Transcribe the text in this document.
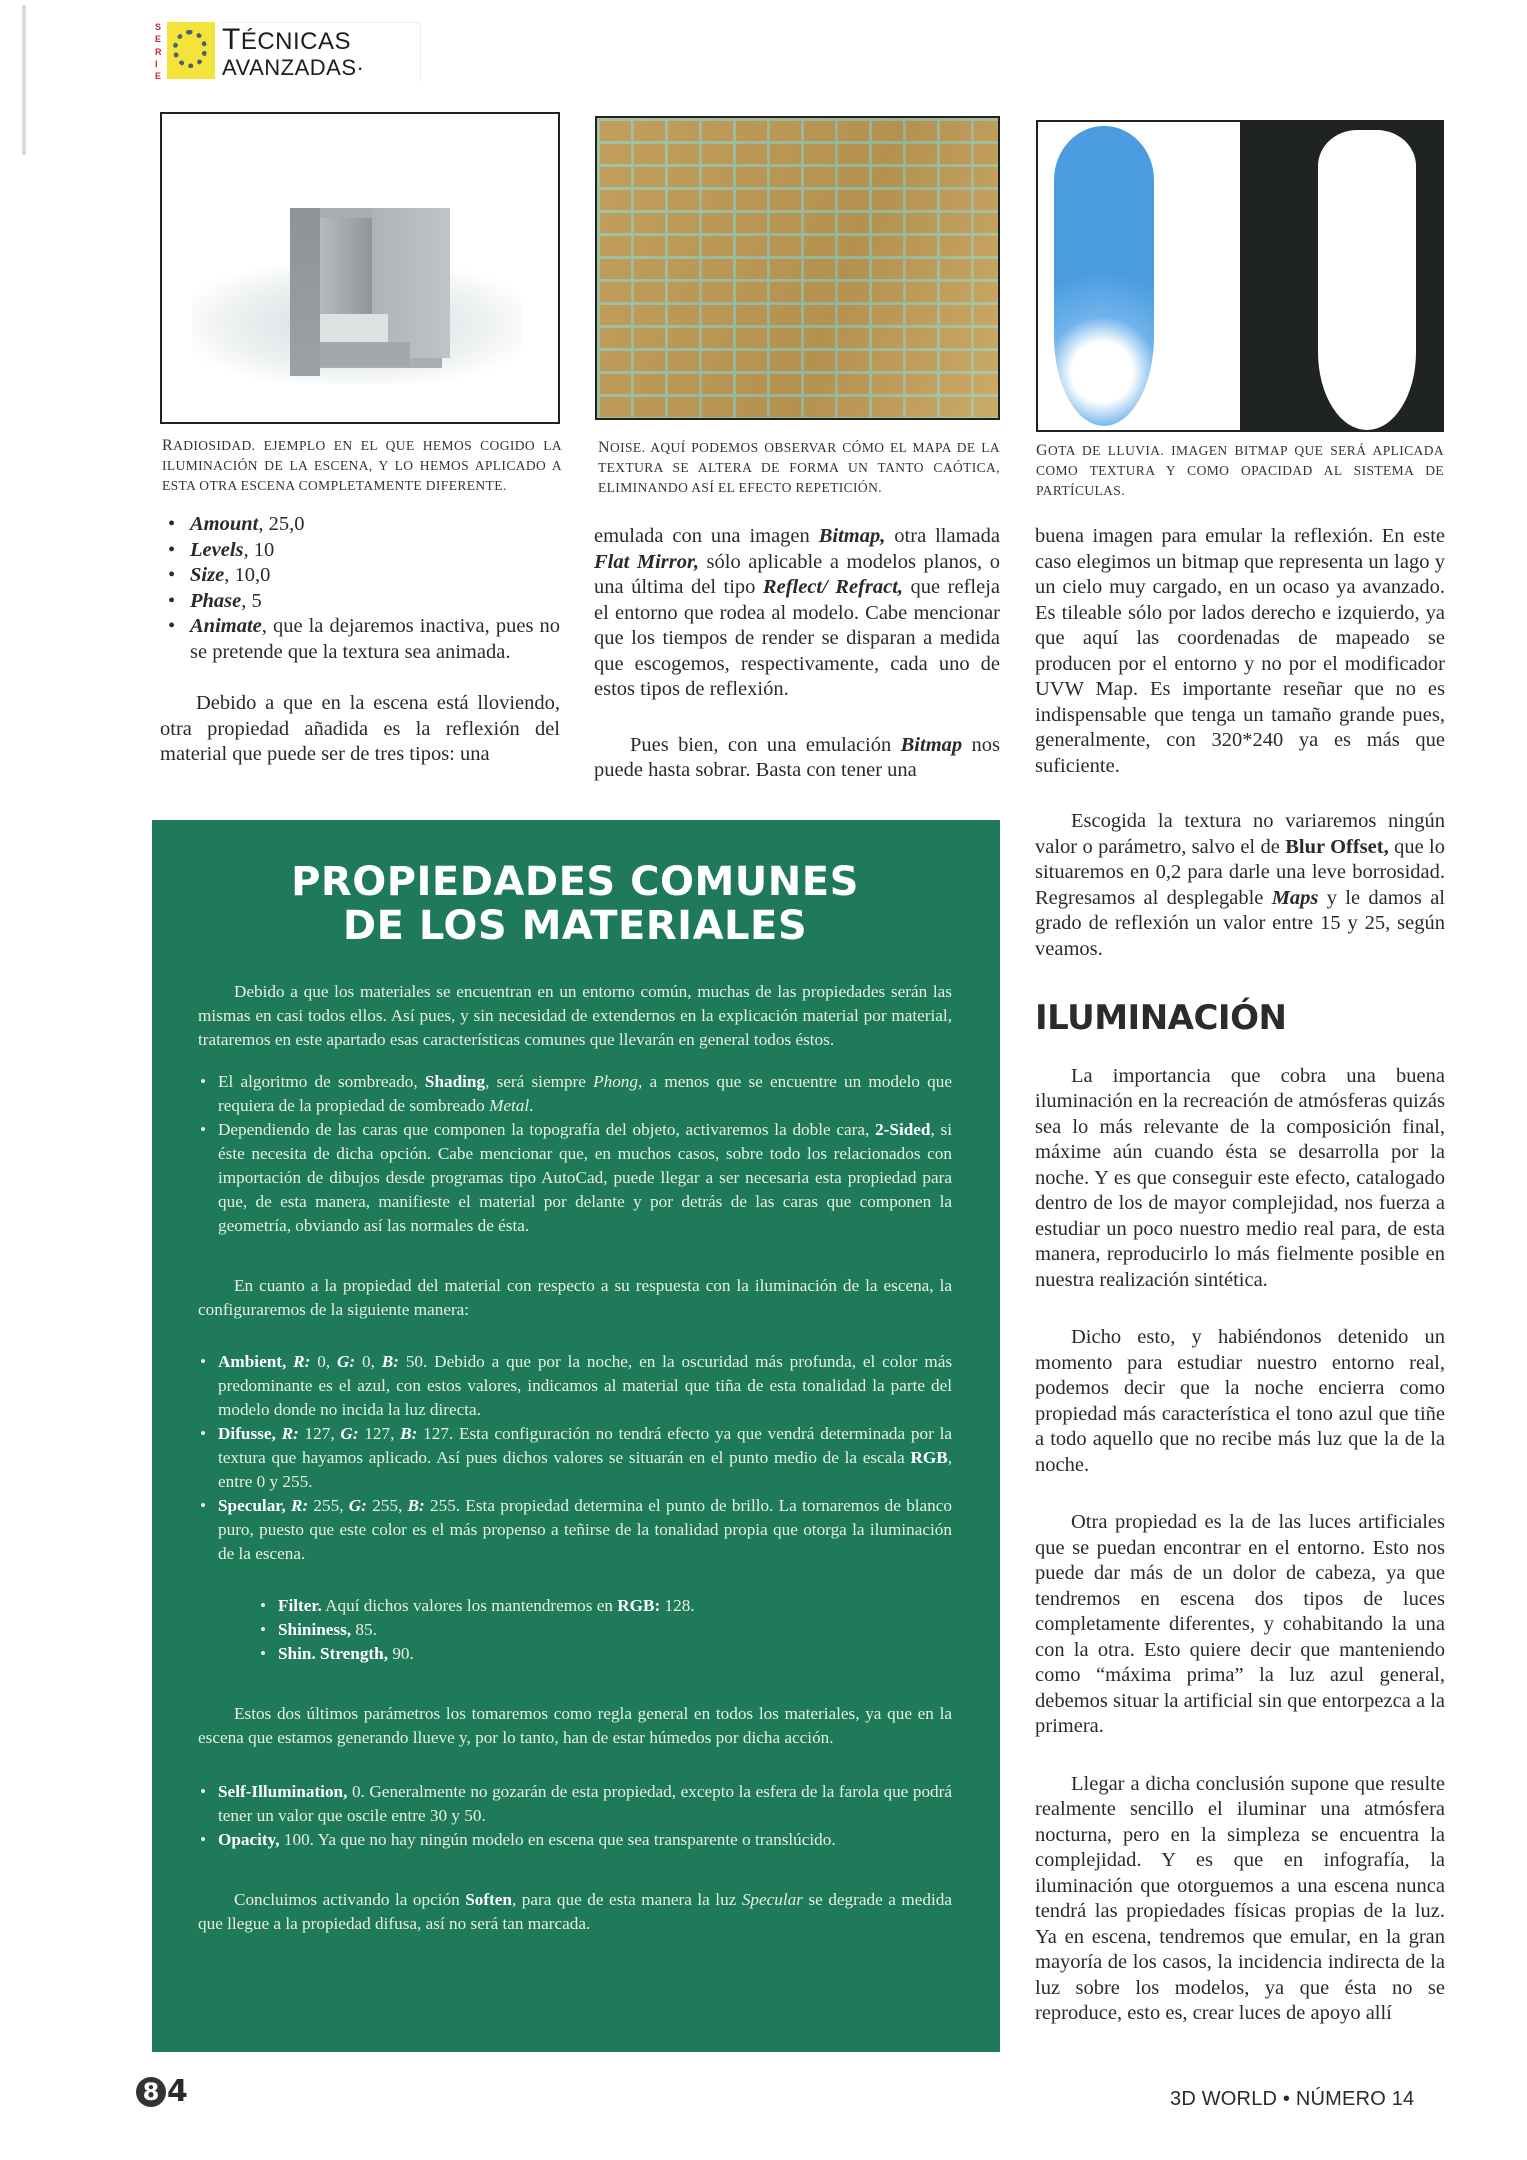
S
E
R
I
E
TÉCNICAS
AVANZADAS·
RADIOSIDAD. EJEMPLO EN EL QUE HEMOS COGIDO LA ILUMINACIÓN DE LA ESCENA, Y LO HEMOS APLICADO A ESTA OTRA ESCENA COMPLETAMENTE DIFERENTE.
NOISE. AQUÍ PODEMOS OBSERVAR CÓMO EL MAPA DE LA TEXTURA SE ALTERA DE FORMA UN TANTO CAÓTICA, ELIMINANDO ASÍ EL EFECTO REPETICIÓN.
GOTA DE LLUVIA. IMAGEN BITMAP QUE SERÁ APLICADA COMO TEXTURA Y COMO OPACIDAD AL SISTEMA DE PARTÍCULAS.
• Amount, 25,0
• Levels, 10
• Size, 10,0
• Phase, 5
• Animate, que la dejaremos inactiva, pues no se pretende que la textura sea animada.

Debido a que en la escena está lloviendo, otra propiedad añadida es la reflexión del material que puede ser de tres tipos: una

emulada con una imagen Bitmap, otra llamada Flat Mirror, sólo aplicable a modelos planos, o una última del tipo Reflect/ Refract, que refleja el entorno que rodea al modelo. Cabe mencionar que los tiempos de render se disparan a medida que escogemos, respectivamente, cada uno de estos tipos de reflexión.

Pues bien, con una emulación Bitmap nos puede hasta sobrar. Basta con tener una

buena imagen para emular la reflexión. En este caso elegimos un bitmap que representa un lago y un cielo muy cargado, en un ocaso ya avanzado. Es tileable sólo por lados derecho e izquierdo, ya que aquí las coordenadas de mapeado se producen por el entorno y no por el modificador UVW Map. Es importante reseñar que no es indispensable que tenga un tamaño grande pues, generalmente, con 320*240 ya es más que suficiente.

Escogida la textura no variaremos ningún valor o parámetro, salvo el de Blur Offset, que lo situaremos en 0,2 para darle una leve borrosidad. Regresamos al desplegable Maps y le damos al grado de reflexión un valor entre 15 y 25, según veamos.

ILUMINACIÓN

La importancia que cobra una buena iluminación en la recreación de atmósferas quizás sea lo más relevante de la composición final, máxime aún cuando ésta se desarrolla por la noche. Y es que conseguir este efecto, catalogado dentro de los de mayor complejidad, nos fuerza a estudiar un poco nuestro medio real para, de esta manera, reproducirlo lo más fielmente posible en nuestra realización sintética.

Dicho esto, y habiéndonos detenido un momento para estudiar nuestro entorno real, podemos decir que la noche encierra como propiedad más característica el tono azul que tiñe a todo aquello que no recibe más luz que la de la noche.

Otra propiedad es la de las luces artificiales que se puedan encontrar en el entorno. Esto nos puede dar más de un dolor de cabeza, ya que tendremos en escena dos tipos de luces completamente diferentes, y cohabitando la una con la otra. Esto quiere decir que manteniendo como “máxima prima” la luz azul general, debemos situar la artificial sin que entorpezca a la primera.

Llegar a dicha conclusión supone que resulte realmente sencillo el iluminar una atmósfera nocturna, pero en la simpleza se encuentra la complejidad. Y es que en infografía, la iluminación que otorguemos a una escena nunca tendrá las propiedades físicas propias de la luz. Ya en escena, tendremos que emular, en la gran mayoría de los casos, la incidencia indirecta de la luz sobre los modelos, ya que ésta no se reproduce, esto es, crear luces de apoyo allí

PROPIEDADES COMUNES
DE LOS MATERIALES

Debido a que los materiales se encuentran en un entorno común, muchas de las propiedades serán las mismas en casi todos ellos. Así pues, y sin necesidad de extendernos en la explicación material por material, trataremos en este apartado esas características comunes que llevarán en general todos éstos.

• El algoritmo de sombreado, Shading, será siempre Phong, a menos que se encuentre un modelo que requiera de la propiedad de sombreado Metal.
• Dependiendo de las caras que componen la topografía del objeto, activaremos la doble cara, 2-Sided, si éste necesita de dicha opción. Cabe mencionar que, en muchos casos, sobre todo los relacionados con importación de dibujos desde programas tipo AutoCad, puede llegar a ser necesaria esta propiedad para que, de esta manera, manifieste el material por delante y por detrás de las caras que componen la geometría, obviando así las normales de ésta.

En cuanto a la propiedad del material con respecto a su respuesta con la iluminación de la escena, la configuraremos de la siguiente manera:

• Ambient, R: 0, G: 0, B: 50. Debido a que por la noche, en la oscuridad más profunda, el color más predominante es el azul, con estos valores, indicamos al material que tiña de esta tonalidad la parte del modelo donde no incida la luz directa.
• Difusse, R: 127, G: 127, B: 127. Esta configuración no tendrá efecto ya que vendrá determinada por la textura que hayamos aplicado. Así pues dichos valores se situarán en el punto medio de la escala RGB, entre 0 y 255.
• Specular, R: 255, G: 255, B: 255. Esta propiedad determina el punto de brillo. La tornaremos de blanco puro, puesto que este color es el más propenso a teñirse de la tonalidad propia que otorga la iluminación de la escena.
• Filter. Aquí dichos valores los mantendremos en RGB: 128.
• Shininess, 85.
• Shin. Strength, 90.

Estos dos últimos parámetros los tomaremos como regla general en todos los materiales, ya que en la escena que estamos generando llueve y, por lo tanto, han de estar húmedos por dicha acción.

• Self-Illumination, 0. Generalmente no gozarán de esta propiedad, excepto la esfera de la farola que podrá tener un valor que oscile entre 30 y 50.
• Opacity, 100. Ya que no hay ningún modelo en escena que sea transparente o translúcido.

Concluimos activando la opción Soften, para que de esta manera la luz Specular se degrade a medida que llegue a la propiedad difusa, así no será tan marcada.

8 4	3D WORLD • NÚMERO 14
